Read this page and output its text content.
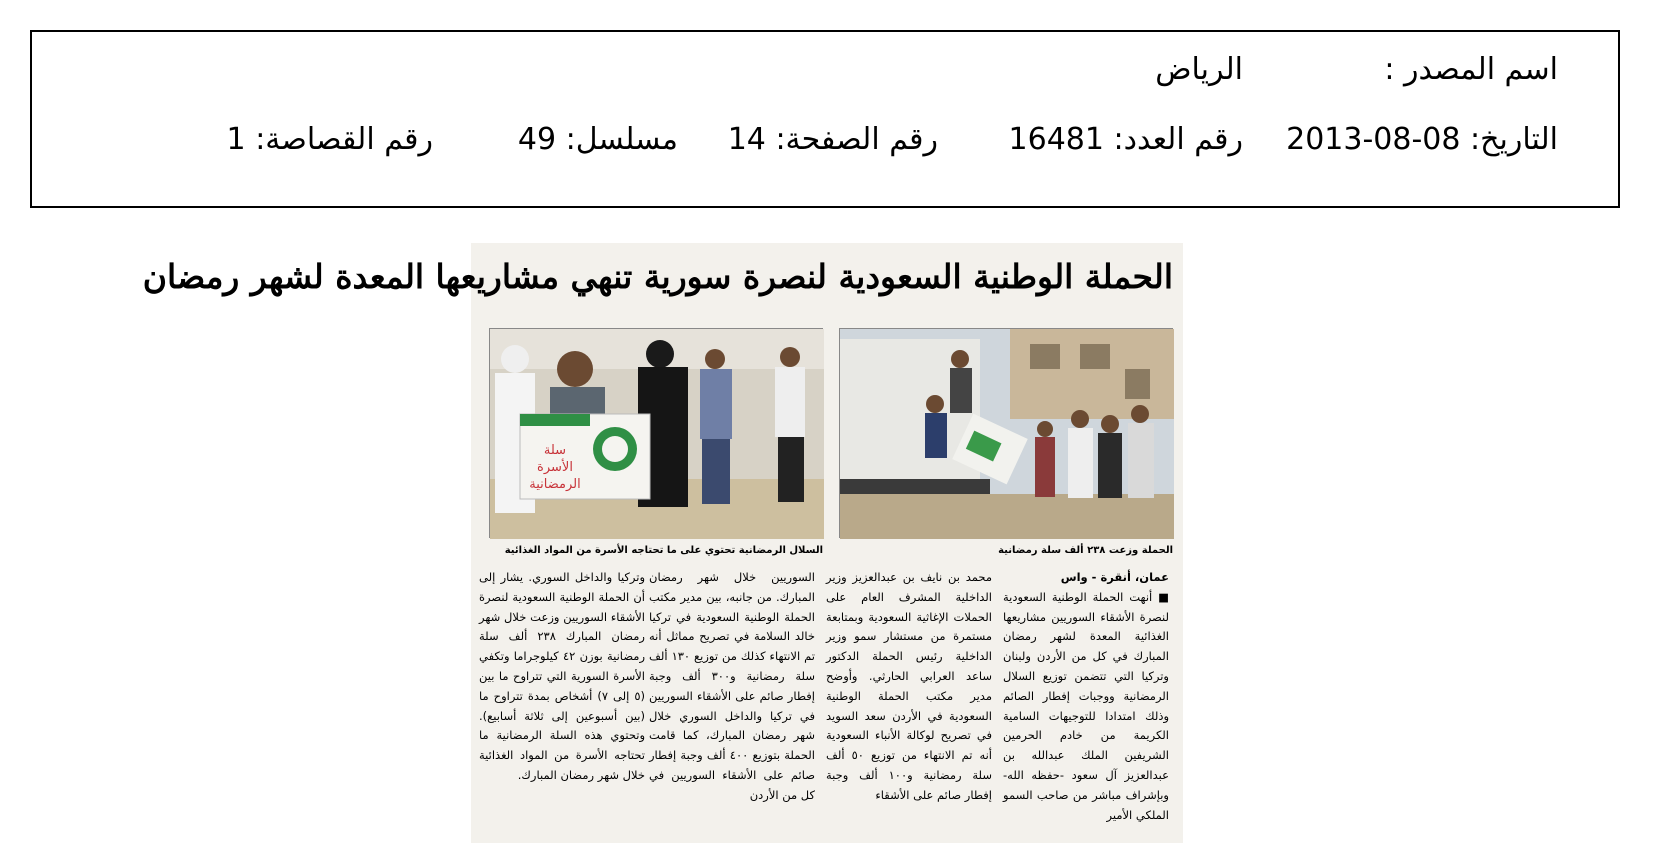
اسم المصدر :
الرياض
التاريخ: 2013-08-08
رقم العدد: 16481
رقم الصفحة: 14
مسلسل: 49
رقم القصاصة: 1
الحملة الوطنية السعودية لنصرة سورية تنهي مشاريعها المعدة لشهر رمضان
سلة
الأسرة
الرمضانية
الحملة وزعت ٢٣٨ ألف سلة رمضانية
السلال الرمضانية تحتوي على ما تحتاجه الأسرة من المواد الغذائية
عمان، أنقرة - واس
■ أنهت الحملة الوطنية السعودية لنصرة الأشقاء السوريين مشاريعها الغذائية المعدة لشهر رمضان المبارك في كل من الأردن ولبنان وتركيا التي تتضمن توزيع السلال الرمضانية ووجبات إفطار الصائم وذلك امتدادا للتوجيهات السامية الكريمة من خادم الحرمين الشريفين الملك عبدالله بن عبدالعزيز آل سعود -حفظه الله- وبإشراف مباشر من صاحب السمو الملكي الأمير
محمد بن نايف بن عبدالعزيز وزير الداخلية المشرف العام على الحملات الإغاثية السعودية وبمتابعة مستمرة من مستشار سمو وزير الداخلية رئيس الحملة الدكتور ساعد العرابي الحارثي. وأوضح مدير مكتب الحملة الوطنية السعودية في الأردن سعد السويد في تصريح لوكالة الأنباء السعودية أنه تم الانتهاء من توزيع ٥٠ ألف سلة رمضانية و١٠٠ ألف وجبة إفطار صائم على الأشقاء
السوريين خلال شهر رمضان المبارك. من جانبه، بين مدير مكتب الحملة الوطنية السعودية في تركيا خالد السلامة في تصريح مماثل أنه تم الانتهاء كذلك من توزيع ١٣٠ ألف سلة رمضانية و٣٠٠ ألف وجبة إفطار صائم على الأشقاء السوريين في تركيا والداخل السوري خلال شهر رمضان المبارك، كما قامت الحملة بتوزيع ٤٠٠ ألف وجبة إفطار صائم على الأشقاء السوريين في كل من الأردن
وتركيا والداخل السوري. يشار إلى أن الحملة الوطنية السعودية لنصرة الأشقاء السوريين وزعت خلال شهر رمضان المبارك ٢٣٨ ألف سلة رمضانية بوزن ٤٢ كيلوجراما وتكفي الأسرة السورية التي تتراوح ما بين (٥ إلى ٧) أشخاص بمدة تتراوح ما (بين أسبوعين إلى ثلاثة أسابيع). وتحتوي هذه السلة الرمضانية ما تحتاجه الأسرة من المواد الغذائية خلال شهر رمضان المبارك.
